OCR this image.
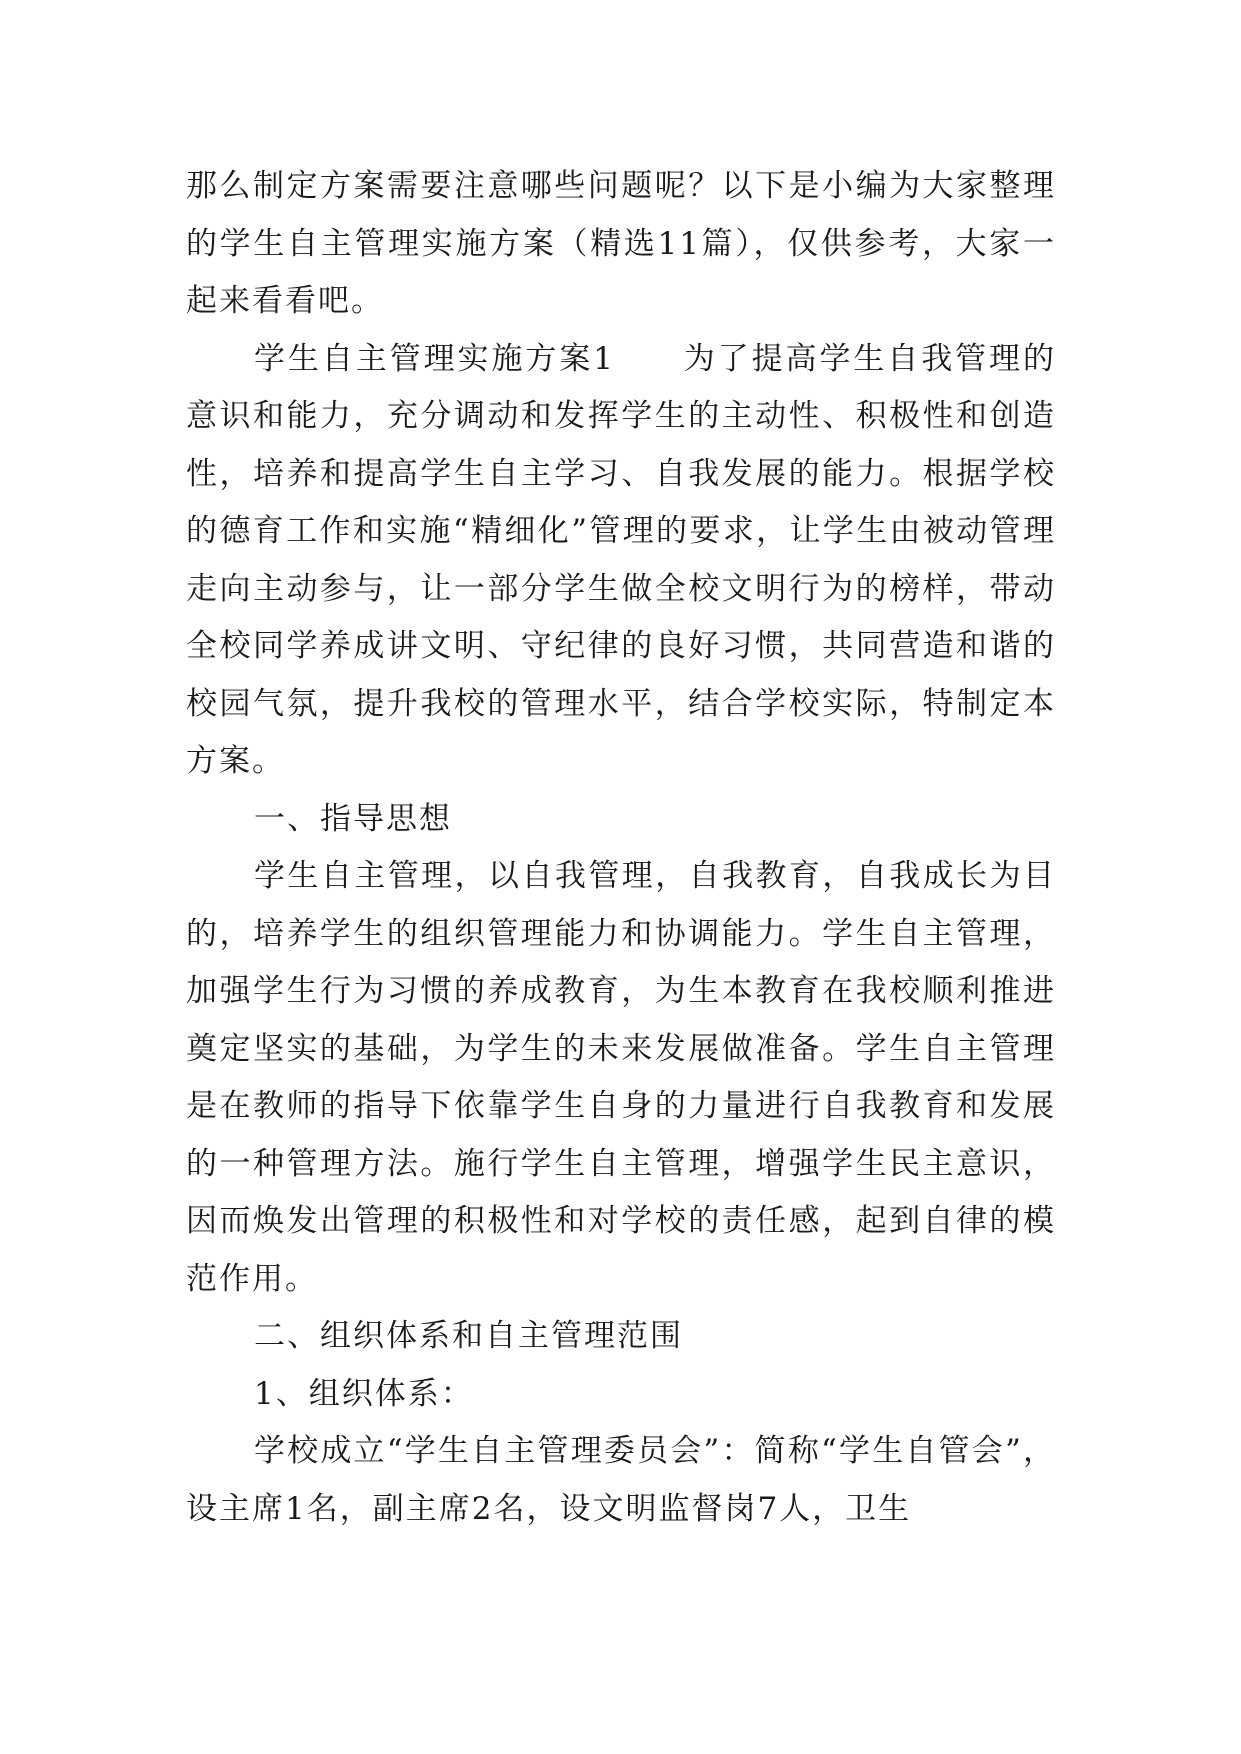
那么制定方案需要注意哪些问题呢？以下是小编为大家整理的学生自主管理实施方案（精选11篇），仅供参考，大家一起来看看吧。

学生自主管理实施方案1　　为了提高学生自我管理的意识和能力，充分调动和发挥学生的主动性、积极性和创造性，培养和提高学生自主学习、自我发展的能力。根据学校的德育工作和实施“精细化”管理的要求，让学生由被动管理走向主动参与，让一部分学生做全校文明行为的榜样，带动全校同学养成讲文明、守纪律的良好习惯，共同营造和谐的校园气氛，提升我校的管理水平，结合学校实际，特制定本方案。

一、指导思想

学生自主管理，以自我管理，自我教育，自我成长为目的，培养学生的组织管理能力和协调能力。学生自主管理，加强学生行为习惯的养成教育，为生本教育在我校顺利推进奠定坚实的基础，为学生的未来发展做准备。学生自主管理是在教师的指导下依靠学生自身的力量进行自我教育和发展的一种管理方法。施行学生自主管理，增强学生民主意识，因而焕发出管理的积极性和对学校的责任感，起到自律的模范作用。

二、组织体系和自主管理范围

1、组织体系：

学校成立“学生自主管理委员会”：简称“学生自管会”，设主席1名，副主席2名，设文明监督岗7人，卫生
